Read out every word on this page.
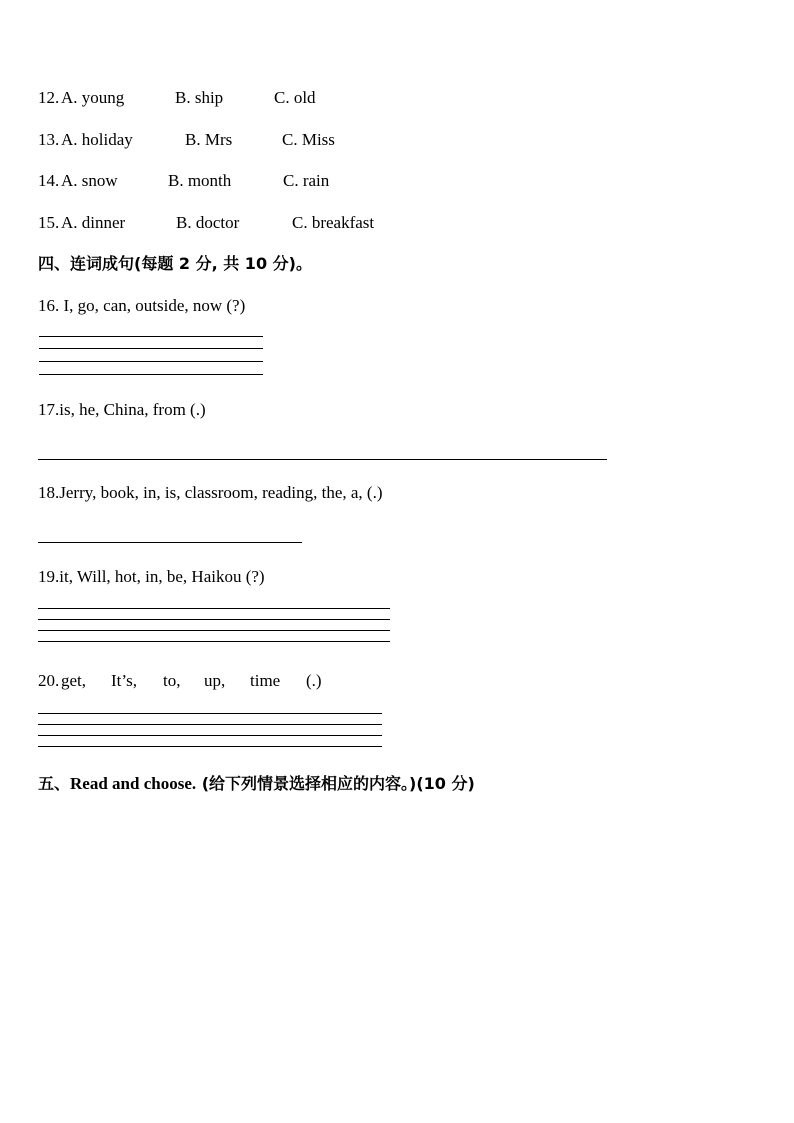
12. A. young	B. ship	C. old
13. A. holiday	B. Mrs	C. Miss
14. A. snow	B. month	C. rain
15. A. dinner	B. doctor	C. breakfast
四、连词成句(每题 2 分, 共 10 分)。
16. I, go, can, outside, now (?)
17.is, he, China, from (.)
18.Jerry, book, in, is, classroom, reading, the, a, (.)
19.it, Will, hot, in, be, Haikou (?)
20. get, It’s, to, up, time (.)
五、Read and choose. (给下列情景选择相应的内容。)(10 分)
